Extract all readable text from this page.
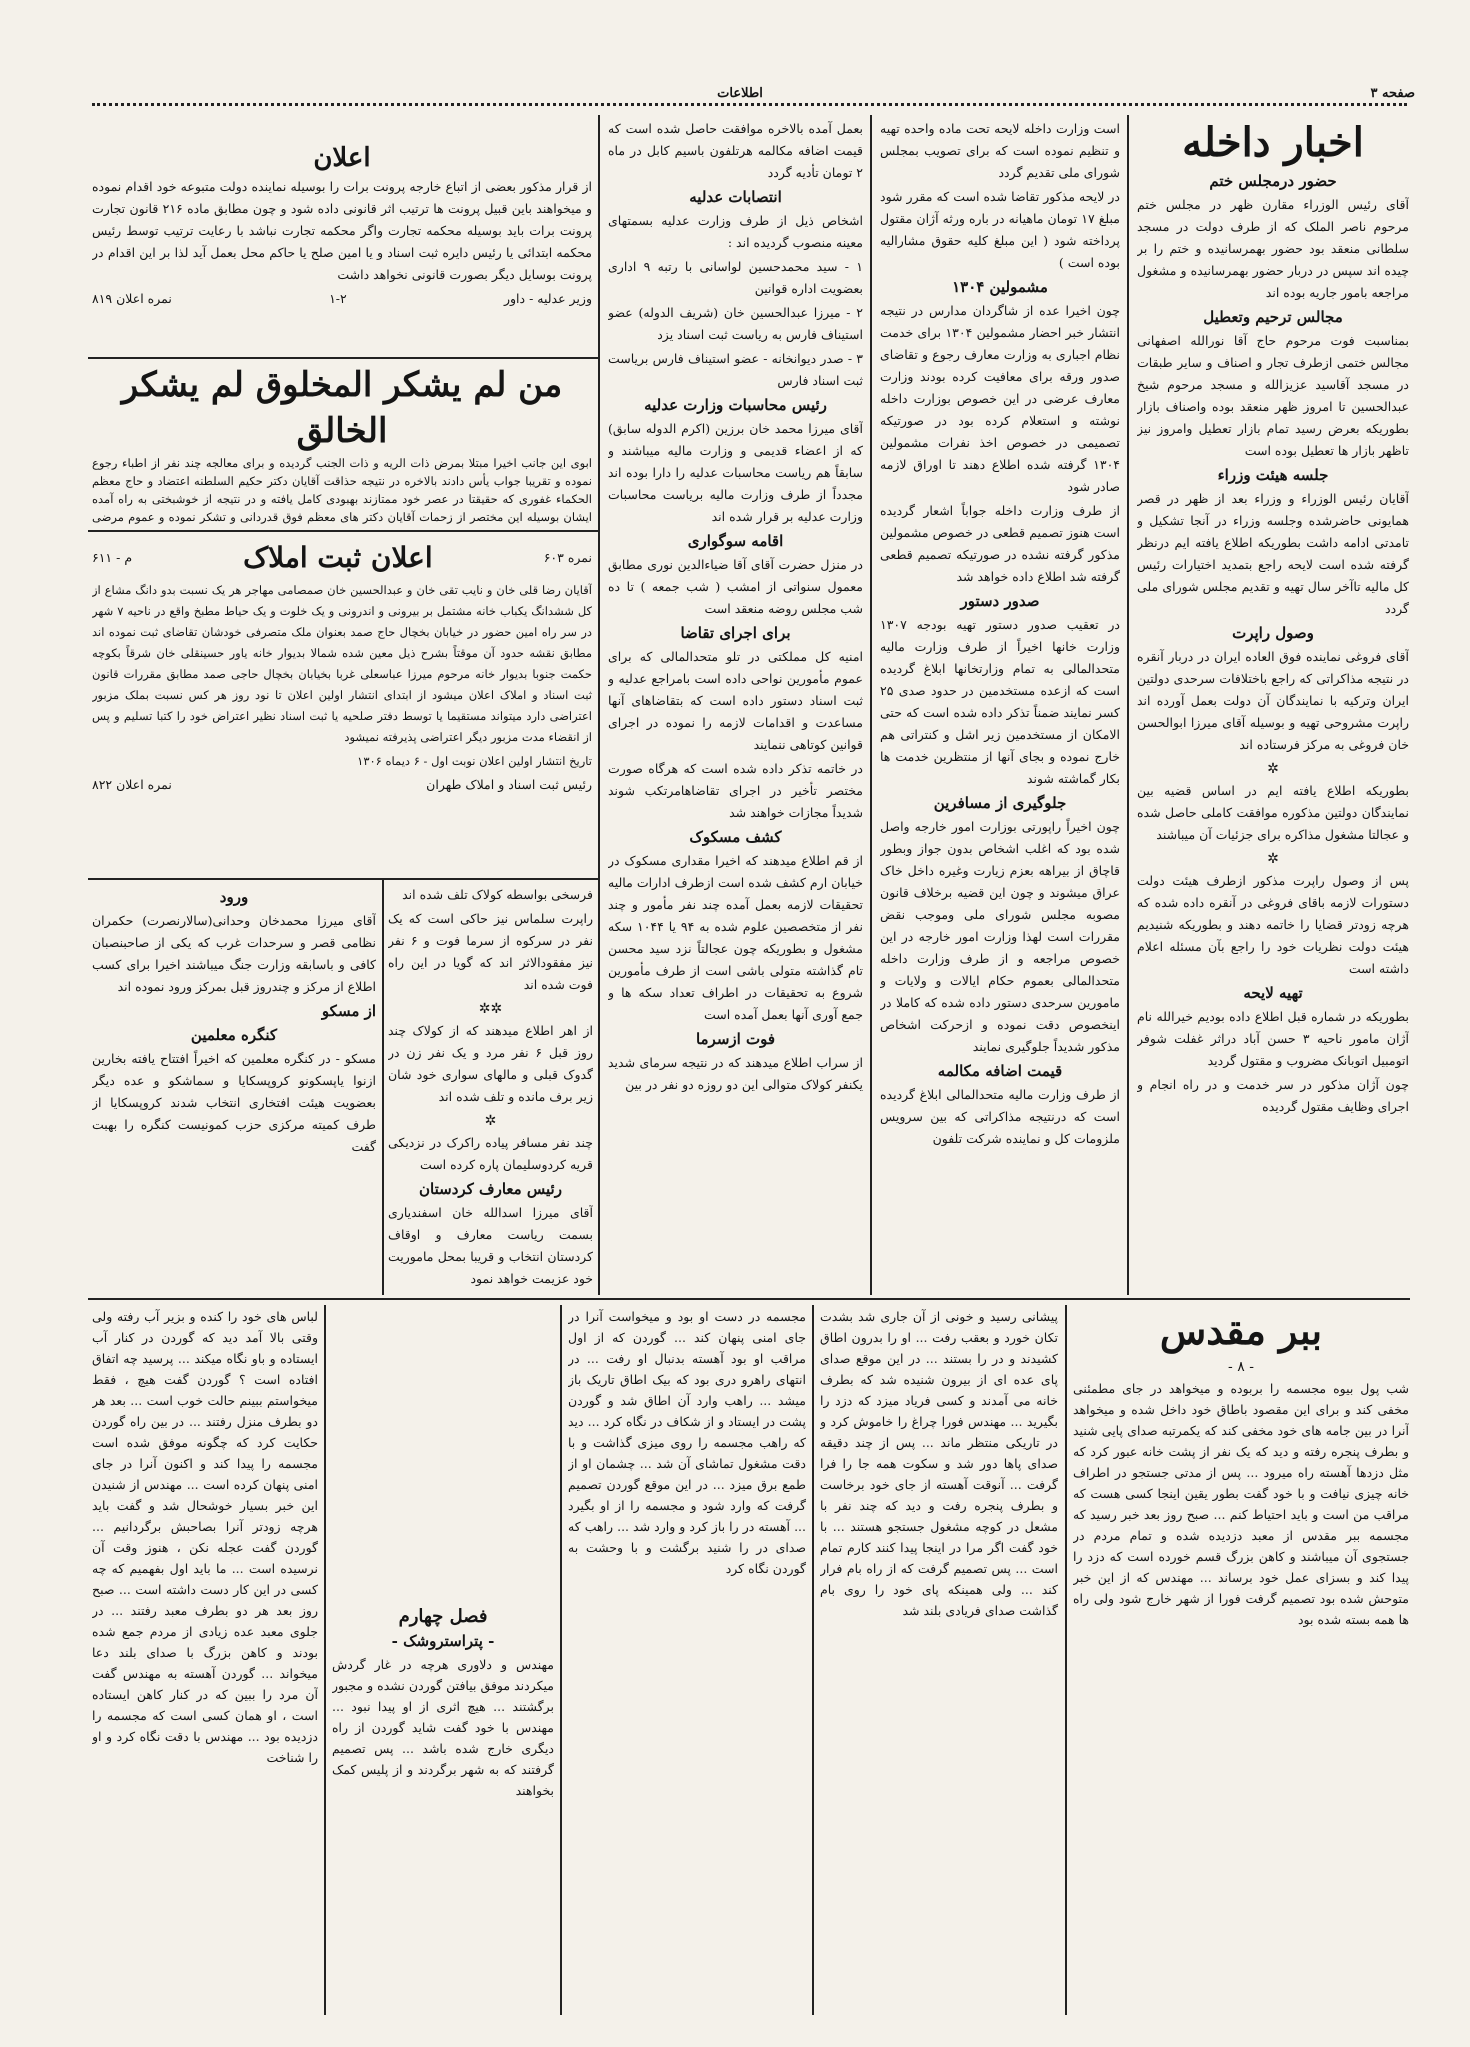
صفحه ۳
اطلاعات
اخبار داخله
حضور درمجلس ختم

آقای رئیس الوزراء مقارن ظهر در مجلس ختم مرحوم ناصر الملک که از طرف دولت در مسجد سلطانی منعقد بود حضور بهمرسانیده و ختم را بر چیده اند سپس در دربار حضور بهمرسانیده و مشغول مراجعه بامور جاریه بوده اند

مجالس ترحیم وتعطیل

بمناسبت فوت مرحوم حاج آقا نورالله اصفهانی مجالس ختمی ازطرف تجار و اصناف و سایر طبقات در مسجد آقاسید عزیزالله و مسجد مرحوم شیخ عبدالحسین تا امروز ظهر منعقد بوده واصناف بازار بطوریکه بعرض رسید تمام بازار تعطیل وامروز نیز تاظهر بازار ها تعطیل بوده است

جلسه هیئت وزراء

آقایان رئیس الوزراء و وزراء بعد از ظهر در قصر همایونی حاضرشده وجلسه وزراء در آنجا تشکیل و تامدتی ادامه داشت بطوریکه اطلاع یافته ایم درنظر گرفته شده است لایحه راجع بتمدید اختیارات رئیس کل مالیه تاآخر سال تهیه و تقدیم مجلس شورای ملی گردد

وصول راپرت

آقای فروغی نماینده فوق العاده ایران در دربار آنقره در نتیجه مذاکراتی که راجع باختلافات سرحدی دولتین ایران وترکیه با نمایندگان آن دولت بعمل آورده اند راپرت مشروحی تهیه و بوسیله آقای میرزا ابوالحسن خان فروغی به مرکز فرستاده اند

✲

بطوریکه اطلاع یافته ایم در اساس قضیه بین نمایندگان دولتین مذکوره موافقت کاملی حاصل شده و عجالتا مشغول مذاکره برای جزئیات آن میباشند

✲

پس از وصول راپرت مذکور ازطرف هیئت دولت دستورات لازمه باقای فروغی در آنقره داده شده که هرچه زودتر قضایا را خاتمه دهند و بطوریکه شنیدیم هیئت دولت نظریات خود را راجع بآن مسئله اعلام داشته است

تهیه لایحه

بطوریکه در شماره قبل اطلاع داده بودیم خیرالله نام آژان مامور ناحیه ۳ حسن آباد دراثر غفلت شوفر اتومبیل اتوبانک مضروب و مقتول گردید

چون آژان مذکور در سر خدمت و در راه انجام و اجرای وظایف مقتول گردیده

است وزارت داخله لایحه تحت ماده واحده تهیه و تنظیم نموده است که برای تصویب بمجلس شورای ملی تقدیم گردد

در لایحه مذکور تقاضا شده است که مقرر شود مبلغ ۱۷ تومان ماهیانه در باره ورثه آژان مقتول پرداخته شود ( این مبلغ کلیه حقوق مشارالیه بوده است )

مشمولین ۱۳۰۴

چون اخیرا عده از شاگردان مدارس در نتیجه انتشار خبر احضار مشمولین ۱۳۰۴ برای خدمت نظام اجباری به وزارت معارف رجوع و تقاضای صدور ورقه برای معافیت کرده بودند وزارت معارف عرضی در این خصوص بوزارت داخله نوشته و استعلام کرده بود در صورتیکه تصمیمی در خصوص اخذ نفرات مشمولین ۱۳۰۴ گرفته شده اطلاع دهند تا اوراق لازمه صادر شود

از طرف وزارت داخله جواباً اشعار گردیده است هنوز تصمیم قطعی در خصوص مشمولین مذکور گرفته نشده در صورتیکه تصمیم قطعی گرفته شد اطلاع داده خواهد شد

صدور دستور

در تعقیب صدور دستور تهیه بودجه ۱۳۰۷ وزارت خانها اخیراً از طرف وزارت مالیه متحدالمالی به تمام وزارتخانها ابلاغ گردیده است که ازعده مستخدمین در حدود صدی ۲۵ کسر نمایند ضمناً تذکر داده شده است که حتی الامکان از مستخدمین زیر اشل و کنتراتی هم خارج نموده و بجای آنها از منتظرین خدمت ها بکار گماشته شوند

جلوگیری از مسافرین

چون اخیراً راپورتی بوزارت امور خارجه واصل شده بود که اغلب اشخاص بدون جواز وبطور قاچاق از بیراهه بعزم زیارت وغیره داخل خاک عراق میشوند و چون این قضیه برخلاف قانون مصوبه مجلس شورای ملی وموجب نقض مقررات است لهذا وزارت امور خارجه در این خصوص مراجعه و از طرف وزارت داخله متحدالمالی بعموم حکام ایالات و ولایات و مامورین سرحدی دستور داده شده که کاملا در اینخصوص دقت نموده و ازحرکت اشخاص مذکور شدیداً جلوگیری نمایند

قیمت اضافه مکالمه

از طرف وزارت مالیه متحدالمالی ابلاغ گردیده است که درنتیجه مذاکراتی که بین سرویس ملزومات کل و نماینده شرکت تلفون

بعمل آمده بالاخره موافقت حاصل شده است که قیمت اضافه مکالمه هرتلفون باسیم کابل در ماه ۲ تومان تأدیه گردد

انتصابات عدلیه

اشخاص ذیل از طرف وزارت عدلیه بسمتهای معینه منصوب گردیده اند :

۱ - سید محمدحسین لواسانی با رتبه ۹ اداری بعضویت اداره قوانین

۲ - میرزا عبدالحسین خان (شریف الدوله) عضو استیناف فارس به ریاست ثبت اسناد یزد

۳ - صدر دیوانخانه - عضو استیناف فارس بریاست ثبت اسناد فارس

رئیس محاسبات وزارت عدلیه

آقای میرزا محمد خان برزین (اکرم الدوله سابق) که از اعضاء قدیمی و وزارت مالیه میباشند و سابقاً هم ریاست محاسبات عدلیه را دارا بوده اند مجدداً از طرف وزارت مالیه بریاست محاسبات وزارت عدلیه بر قرار شده اند

اقامه سوگواری

در منزل حضرت آقای آقا ضیاءالدین نوری مطابق معمول سنواتی از امشب ( شب جمعه ) تا ده شب مجلس روضه منعقد است

برای اجرای تقاضا

امنیه کل مملکتی در تلو متحدالمالی که برای عموم مأمورین نواحی داده است بامراجع عدلیه و ثبت اسناد دستور داده است که بتقاضاهای آنها مساعدت و اقدامات لازمه را نموده در اجرای قوانین کوتاهی ننمایند

در خاتمه تذکر داده شده است که هرگاه صورت مختصر تأخیر در اجرای تقاضاهامرتکب شوند شدیداً مجازات خواهند شد

کشف مسکوک

از قم اطلاع میدهند که اخیرا مقداری مسکوک در خیابان ارم کشف شده است ازطرف ادارات مالیه تحقیقات لازمه بعمل آمده چند نفر مأمور و چند نفر از متخصصین علوم شده به ۹۴ یا ۱۰۴۴ سکه مشغول و بطوریکه چون عجالتاً نزد سید محسن تام گذاشته متولی باشی است از طرف مأمورین شروع به تحقیقات در اطراف تعداد سکه ها و جمع آوری آنها بعمل آمده است

فوت ازسرما

از سراب اطلاع میدهند که در نتیجه سرمای شدید یکنفر کولاک متوالی این دو روزه دو نفر در بین

اعلان

از قرار مذکور بعضی از اتباع خارجه پرونت برات را بوسیله نماینده دولت متبوعه خود اقدام نموده و میخواهند باین قبیل پرونت ها ترتیب اثر قانونی داده شود و چون مطابق ماده ۲۱۶ قانون تجارت پرونت برات باید بوسیله محکمه تجارت واگر محکمه تجارت نباشد با رعایت ترتیب توسط رئیس محکمه ابتدائی یا رئیس دایره ثبت اسناد و یا امین صلح یا حاکم محل بعمل آید لذا بر این اقدام در پرونت بوسایل دیگر بصورت قانونی نخواهد داشت

وزیر عدلیه - داور
۱-۲
نمره اعلان ۸۱۹
من لم یشکر المخلوق لم یشکر الخالق

ابوی این جانب اخیرا مبتلا بمرض ذات الریه و ذات الجنب گردیده و برای معالجه چند نفر از اطباء رجوع نموده و تقریبا جواب یأس دادند بالاخره در نتیجه حذاقت آقایان دکتر حکیم السلطنه اعتضاد و حاج معظم الحکماء غفوری که حقیقتا در عصر خود ممتازند بهبودی کامل یافته و در نتیجه از خوشبختی به راه آمده ایشان بوسیله این مختصر از زحمات آقایان دکتر های معظم فوق قدردانی و تشکر نموده و عموم مرضی

نمره ۶۰۳
اعلان ثبت املاک
م - ۶۱۱

آقایان رضا قلی خان و نایب تقی خان و عبدالحسین خان صمصامی مهاجر هر یک نسبت بدو دانگ مشاع از کل ششدانگ یکباب خانه مشتمل بر بیرونی و اندرونی و یک خلوت و یک حیاط مطبخ واقع در ناحیه ۷ شهر در سر راه امین حضور در خیابان بخچال حاج صمد بعنوان ملک متصرفی خودشان تقاضای ثبت نموده اند مطابق نقشه حدود آن موقتاً بشرح ذیل معین شده شمالا بدیوار خانه یاور حسینقلی خان شرقاً بکوچه حکمت جنوبا بدیوار خانه مرحوم میرزا عباسعلی غربا بخیابان بخچال حاجی صمد مطابق مقررات قانون ثبت اسناد و املاک اعلان میشود از ابتدای انتشار اولین اعلان تا نود روز هر کس نسبت بملک مزبور اعتراضی دارد میتواند مستقیما یا توسط دفتر صلحیه یا ثبت اسناد نظیر اعتراض خود را کتبا تسلیم و پس از انقضاء مدت مزبور دیگر اعتراضی پذیرفته نمیشود

تاریخ انتشار اولین اعلان نوبت اول - ۶ دیماه ۱۳۰۶

رئیس ثبت اسناد و املاک طهران
نمره اعلان ۸۲۲

فرسخی بواسطه کولاک تلف شده اند

راپرت سلماس نیز حاکی است که یک نفر در سرکوه از سرما فوت و ۶ نفر نیز مفقودالاثر اند که گویا در این راه فوت شده اند

✲✲

از اهر اطلاع میدهند که از کولاک چند روز قبل ۶ نفر مرد و یک نفر زن در گدوک قبلی و مالهای سواری خود شان زیر برف مانده و تلف شده اند

✲

چند نفر مسافر پیاده راکرک در نزدیکی قریه کردوسلیمان پاره کرده است

رئیس معارف کردستان

آقای میرزا اسدالله خان اسفندیاری بسمت ریاست معارف و اوقاف کردستان انتخاب و قریبا بمحل ماموریت خود عزیمت خواهد نمود

ورود

آقای میرزا محمدخان وحدانی(سالارنصرت) حکمران نظامی قصر و سرحدات غرب که یکی از صاحبنصبان کافی و باسابقه وزارت جنگ میباشند اخیرا برای کسب اطلاع از مرکز و چندروز قبل بمرکز ورود نموده اند

از مسکو
کنگره معلمین

مسکو - در کنگره معلمین که اخیراً افتتاح یافته بخارین ازنوا یاپسکونو کروپسکایا و سماشکو و عده دیگر بعضویت هیئت افتخاری انتخاب شدند کروپسکایا از طرف کمیته مرکزی حزب کمونیست کنگره را بهبت گفت

ببر مقدس
- ۸ -

شب پول بیوه مجسمه را بربوده و میخواهد در جای مطمئنی مخفی کند و برای این مقصود باطاق خود داخل شده و میخواهد آنرا در بین جامه های خود مخفی کند که یکمرتبه صدای پایی شنید و بطرف پنجره رفته و دید که یک نفر از پشت خانه عبور کرد که مثل دزدها آهسته راه میرود ... پس از مدتی جستجو در اطراف خانه چیزی نیافت و با خود گفت بطور یقین اینجا کسی هست که مراقب من است و باید احتیاط کنم ... صبح روز بعد خبر رسید که مجسمه ببر مقدس از معبد دزدیده شده و تمام مردم در جستجوی آن میباشند و کاهن بزرگ قسم خورده است که دزد را پیدا کند و بسزای عمل خود برساند ... مهندس که از این خبر متوحش شده بود تصمیم گرفت فورا از شهر خارج شود ولی راه ها همه بسته شده بود

پیشانی رسید و خونی از آن جاری شد بشدت تکان خورد و بعقب رفت ... او را بدرون اطاق کشیدند و در را بستند ... در این موقع صدای پای عده ای از بیرون شنیده شد که بطرف خانه می آمدند و کسی فریاد میزد که دزد را بگیرید ... مهندس فورا چراغ را خاموش کرد و در تاریکی منتظر ماند ... پس از چند دقیقه صدای پاها دور شد و سکوت همه جا را فرا گرفت ... آنوقت آهسته از جای خود برخاست و بطرف پنجره رفت و دید که چند نفر با مشعل در کوچه مشغول جستجو هستند ... با خود گفت اگر مرا در اینجا پیدا کنند کارم تمام است ... پس تصمیم گرفت که از راه بام فرار کند ... ولی همینکه پای خود را روی بام گذاشت صدای فریادی بلند شد

مجسمه در دست او بود و میخواست آنرا در جای امنی پنهان کند ... گوردن که از اول مراقب او بود آهسته بدنبال او رفت ... در انتهای راهرو دری بود که بیک اطاق تاریک باز میشد ... راهب وارد آن اطاق شد و گوردن پشت در ایستاد و از شکاف در نگاه کرد ... دید که راهب مجسمه را روی میزی گذاشت و با دقت مشغول تماشای آن شد ... چشمان او از طمع برق میزد ... در این موقع گوردن تصمیم گرفت که وارد شود و مجسمه را از او بگیرد ... آهسته در را باز کرد و وارد شد ... راهب که صدای در را شنید برگشت و با وحشت به گوردن نگاه کرد

فصل چهارم
- پتراستروشک -

مهندس و دلاوری هرچه در غار گردش میکردند موفق بیافتن گوردن نشده و مجبور برگشتند ... هیچ اثری از او پیدا نبود ... مهندس با خود گفت شاید گوردن از راه دیگری خارج شده باشد ... پس تصمیم گرفتند که به شهر برگردند و از پلیس کمک بخواهند

لباس های خود را کنده و بزیر آب رفته ولی وقتی بالا آمد دید که گوردن در کنار آب ایستاده و باو نگاه میکند ... پرسید چه اتفاق افتاده است ؟ گوردن گفت هیچ ، فقط میخواستم ببینم حالت خوب است ... بعد هر دو بطرف منزل رفتند ... در بین راه گوردن حکایت کرد که چگونه موفق شده است مجسمه را پیدا کند و اکنون آنرا در جای امنی پنهان کرده است ... مهندس از شنیدن این خبر بسیار خوشحال شد و گفت باید هرچه زودتر آنرا بصاحبش برگردانیم ... گوردن گفت عجله نکن ، هنوز وقت آن نرسیده است ... ما باید اول بفهمیم که چه کسی در این کار دست داشته است ... صبح روز بعد هر دو بطرف معبد رفتند ... در جلوی معبد عده زیادی از مردم جمع شده بودند و کاهن بزرگ با صدای بلند دعا میخواند ... گوردن آهسته به مهندس گفت آن مرد را ببین که در کنار کاهن ایستاده است ، او همان کسی است که مجسمه را دزدیده بود ... مهندس با دقت نگاه کرد و او را شناخت
